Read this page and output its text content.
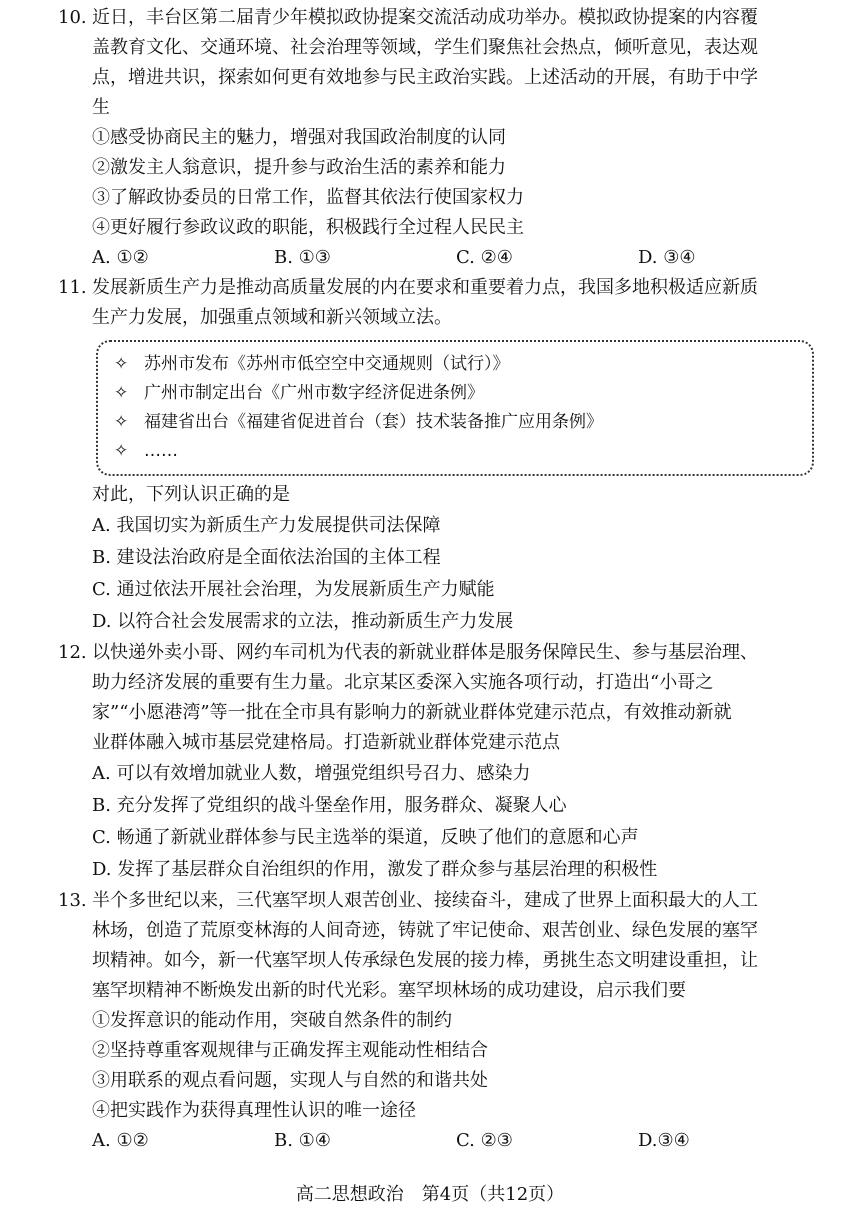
10. 近日，丰台区第二届青少年模拟政协提案交流活动成功举办。模拟政协提案的内容覆
盖教育文化、交通环境、社会治理等领域，学生们聚焦社会热点，倾听意见，表达观
点，增进共识，探索如何更有效地参与民主政治实践。上述活动的开展，有助于中学
生
①感受协商民主的魅力，增强对我国政治制度的认同
②激发主人翁意识，提升参与政治生活的素养和能力
③了解政协委员的日常工作，监督其依法行使国家权力
④更好履行参政议政的职能，积极践行全过程人民民主
A. ①②	B. ①③	C. ②④	D. ③④
11. 发展新质生产力是推动高质量发展的内在要求和重要着力点，我国多地积极适应新质
生产力发展，加强重点领域和新兴领域立法。
✧ 苏州市发布《苏州市低空空中交通规则（试行）》
✧ 广州市制定出台《广州市数字经济促进条例》
✧ 福建省出台《福建省促进首台（套）技术装备推广应用条例》
✧ ……
对此，下列认识正确的是
A. 我国切实为新质生产力发展提供司法保障
B. 建设法治政府是全面依法治国的主体工程
C. 通过依法开展社会治理，为发展新质生产力赋能
D. 以符合社会发展需求的立法，推动新质生产力发展
12. 以快递外卖小哥、网约车司机为代表的新就业群体是服务保障民生、参与基层治理、
助力经济发展的重要有生力量。北京某区委深入实施各项行动，打造出“小哥之
家”“小愿港湾”等一批在全市具有影响力的新就业群体党建示范点，有效推动新就
业群体融入城市基层党建格局。打造新就业群体党建示范点
A. 可以有效增加就业人数，增强党组织号召力、感染力
B. 充分发挥了党组织的战斗堡垒作用，服务群众、凝聚人心
C. 畅通了新就业群体参与民主选举的渠道，反映了他们的意愿和心声
D. 发挥了基层群众自治组织的作用，激发了群众参与基层治理的积极性
13. 半个多世纪以来，三代塞罕坝人艰苦创业、接续奋斗，建成了世界上面积最大的人工
林场，创造了荒原变林海的人间奇迹，铸就了牢记使命、艰苦创业、绿色发展的塞罕
坝精神。如今，新一代塞罕坝人传承绿色发展的接力棒，勇挑生态文明建设重担，让
塞罕坝精神不断焕发出新的时代光彩。塞罕坝林场的成功建设，启示我们要
①发挥意识的能动作用，突破自然条件的制约
②坚持尊重客观规律与正确发挥主观能动性相结合
③用联系的观点看问题，实现人与自然的和谐共处
④把实践作为获得真理性认识的唯一途径
A. ①②	B. ①④	C. ②③	D.③④
高二思想政治　第4页（共12页）
